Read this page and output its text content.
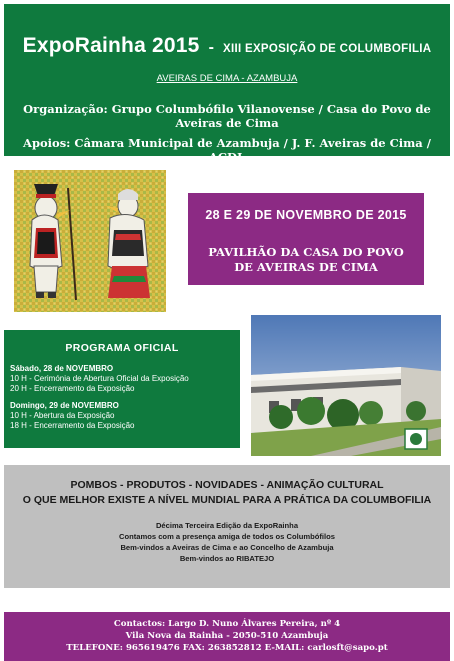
ExpoRainha 2015 - XIII EXPOSIÇÃO DE COLUMBOFILIA
AVEIRAS DE CIMA - AZAMBUJA
Organização: Grupo Columbófilo Vilanovense / Casa do Povo de Aveiras de Cima
Apoios: Câmara Municipal de Azambuja / J. F. Aveiras de Cima / ACDL
28 E 29 DE NOVEMBRO DE 2015
PAVILHÃO DA CASA DO POVO DE AVEIRAS DE CIMA
PROGRAMA OFICIAL
Sábado, 28 de NOVEMBRO
10 H - Cerimónia de Abertura Oficial da Exposição
20 H - Encerramento da Exposição
Domingo, 29 de NOVEMBRO
10 H - Abertura da Exposição
18 H - Encerramento da Exposição
POMBOS - PRODUTOS - NOVIDADES - ANIMAÇÃO CULTURAL
O QUE MELHOR EXISTE A NÍVEL MUNDIAL PARA A PRÁTICA DA COLUMBOFILIA
Décima Terceira Edição da ExpoRainha
Contamos com a presença amiga de todos os Columbófilos
Bem-vindos a Aveiras de Cima e ao Concelho de Azambuja
Bem-vindos ao RIBATEJO
Contactos: Largo D. Nuno Álvares Pereira, nº 4
Vila Nova da Rainha - 2050-510 Azambuja
TELEFONE: 965619476 FAX: 263852812 E-MAIL: carlosft@sapo.pt
